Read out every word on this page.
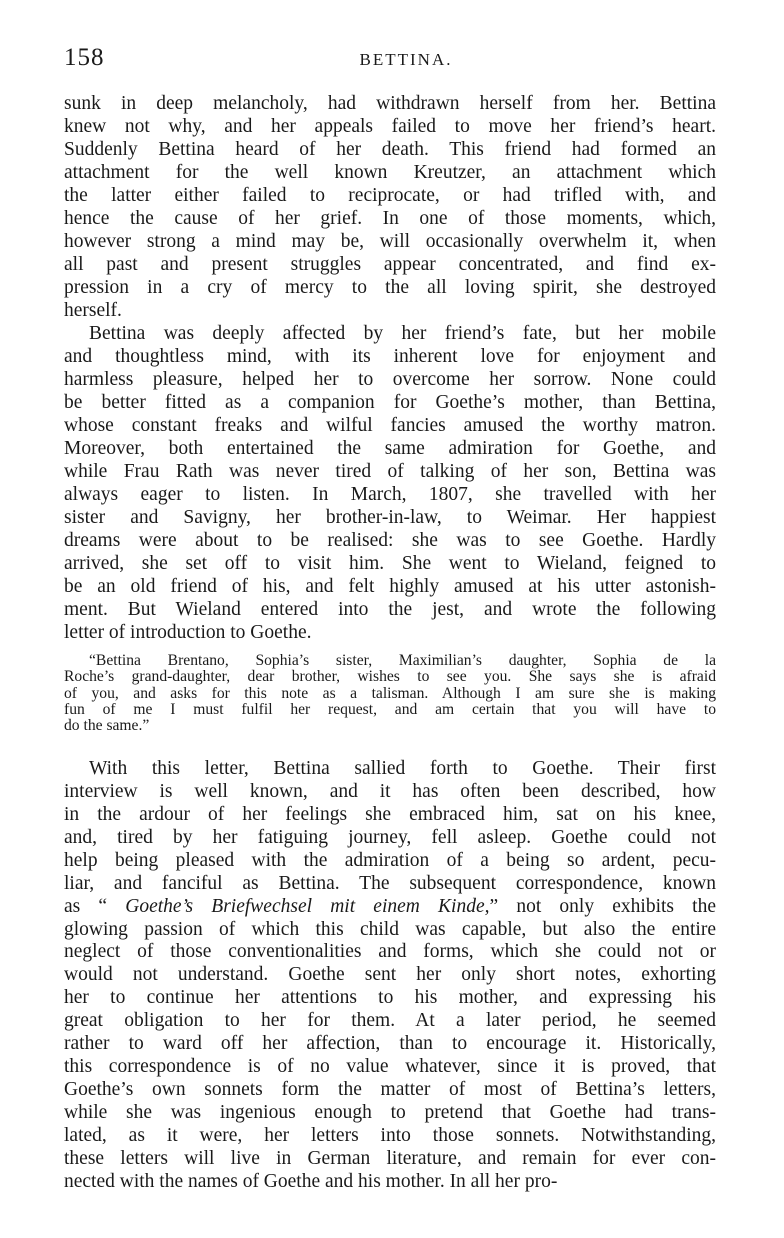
158	BETTINA.
sunk in deep melancholy, had withdrawn herself from her. Bettina
knew not why, and her appeals failed to move her friend’s heart.
Suddenly Bettina heard of her death. This friend had formed an
attachment for the well known Kreutzer, an attachment which
the latter either failed to reciprocate, or had trifled with, and
hence the cause of her grief. In one of those moments, which,
however strong a mind may be, will occasionally overwhelm it, when
all past and present struggles appear concentrated, and find ex-
pression in a cry of mercy to the all loving spirit, she destroyed
herself.
Bettina was deeply affected by her friend’s fate, but her mobile
and thoughtless mind, with its inherent love for enjoyment and
harmless pleasure, helped her to overcome her sorrow. None could
be better fitted as a companion for Goethe’s mother, than Bettina,
whose constant freaks and wilful fancies amused the worthy matron.
Moreover, both entertained the same admiration for Goethe, and
while Frau Rath was never tired of talking of her son, Bettina was
always eager to listen. In March, 1807, she travelled with her
sister and Savigny, her brother-in-law, to Weimar. Her happiest
dreams were about to be realised: she was to see Goethe. Hardly
arrived, she set off to visit him. She went to Wieland, feigned to
be an old friend of his, and felt highly amused at his utter astonish-
ment. But Wieland entered into the jest, and wrote the following
letter of introduction to Goethe.
“Bettina Brentano, Sophia’s sister, Maximilian’s daughter, Sophia de la
Roche’s grand-daughter, dear brother, wishes to see you. She says she is afraid
of you, and asks for this note as a talisman. Although I am sure she is making
fun of me I must fulfil her request, and am certain that you will have to
do the same.”
With this letter, Bettina sallied forth to Goethe. Their first
interview is well known, and it has often been described, how
in the ardour of her feelings she embraced him, sat on his knee,
and, tired by her fatiguing journey, fell asleep. Goethe could not
help being pleased with the admiration of a being so ardent, pecu-
liar, and fanciful as Bettina. The subsequent correspondence, known
as “ Goethe’s Briefwechsel mit einem Kinde,” not only exhibits the
glowing passion of which this child was capable, but also the entire
neglect of those conventionalities and forms, which she could not or
would not understand. Goethe sent her only short notes, exhorting
her to continue her attentions to his mother, and expressing his
great obligation to her for them. At a later period, he seemed
rather to ward off her affection, than to encourage it. Historically,
this correspondence is of no value whatever, since it is proved, that
Goethe’s own sonnets form the matter of most of Bettina’s letters,
while she was ingenious enough to pretend that Goethe had trans-
lated, as it were, her letters into those sonnets. Notwithstanding,
these letters will live in German literature, and remain for ever con-
nected with the names of Goethe and his mother. In all her pro-
